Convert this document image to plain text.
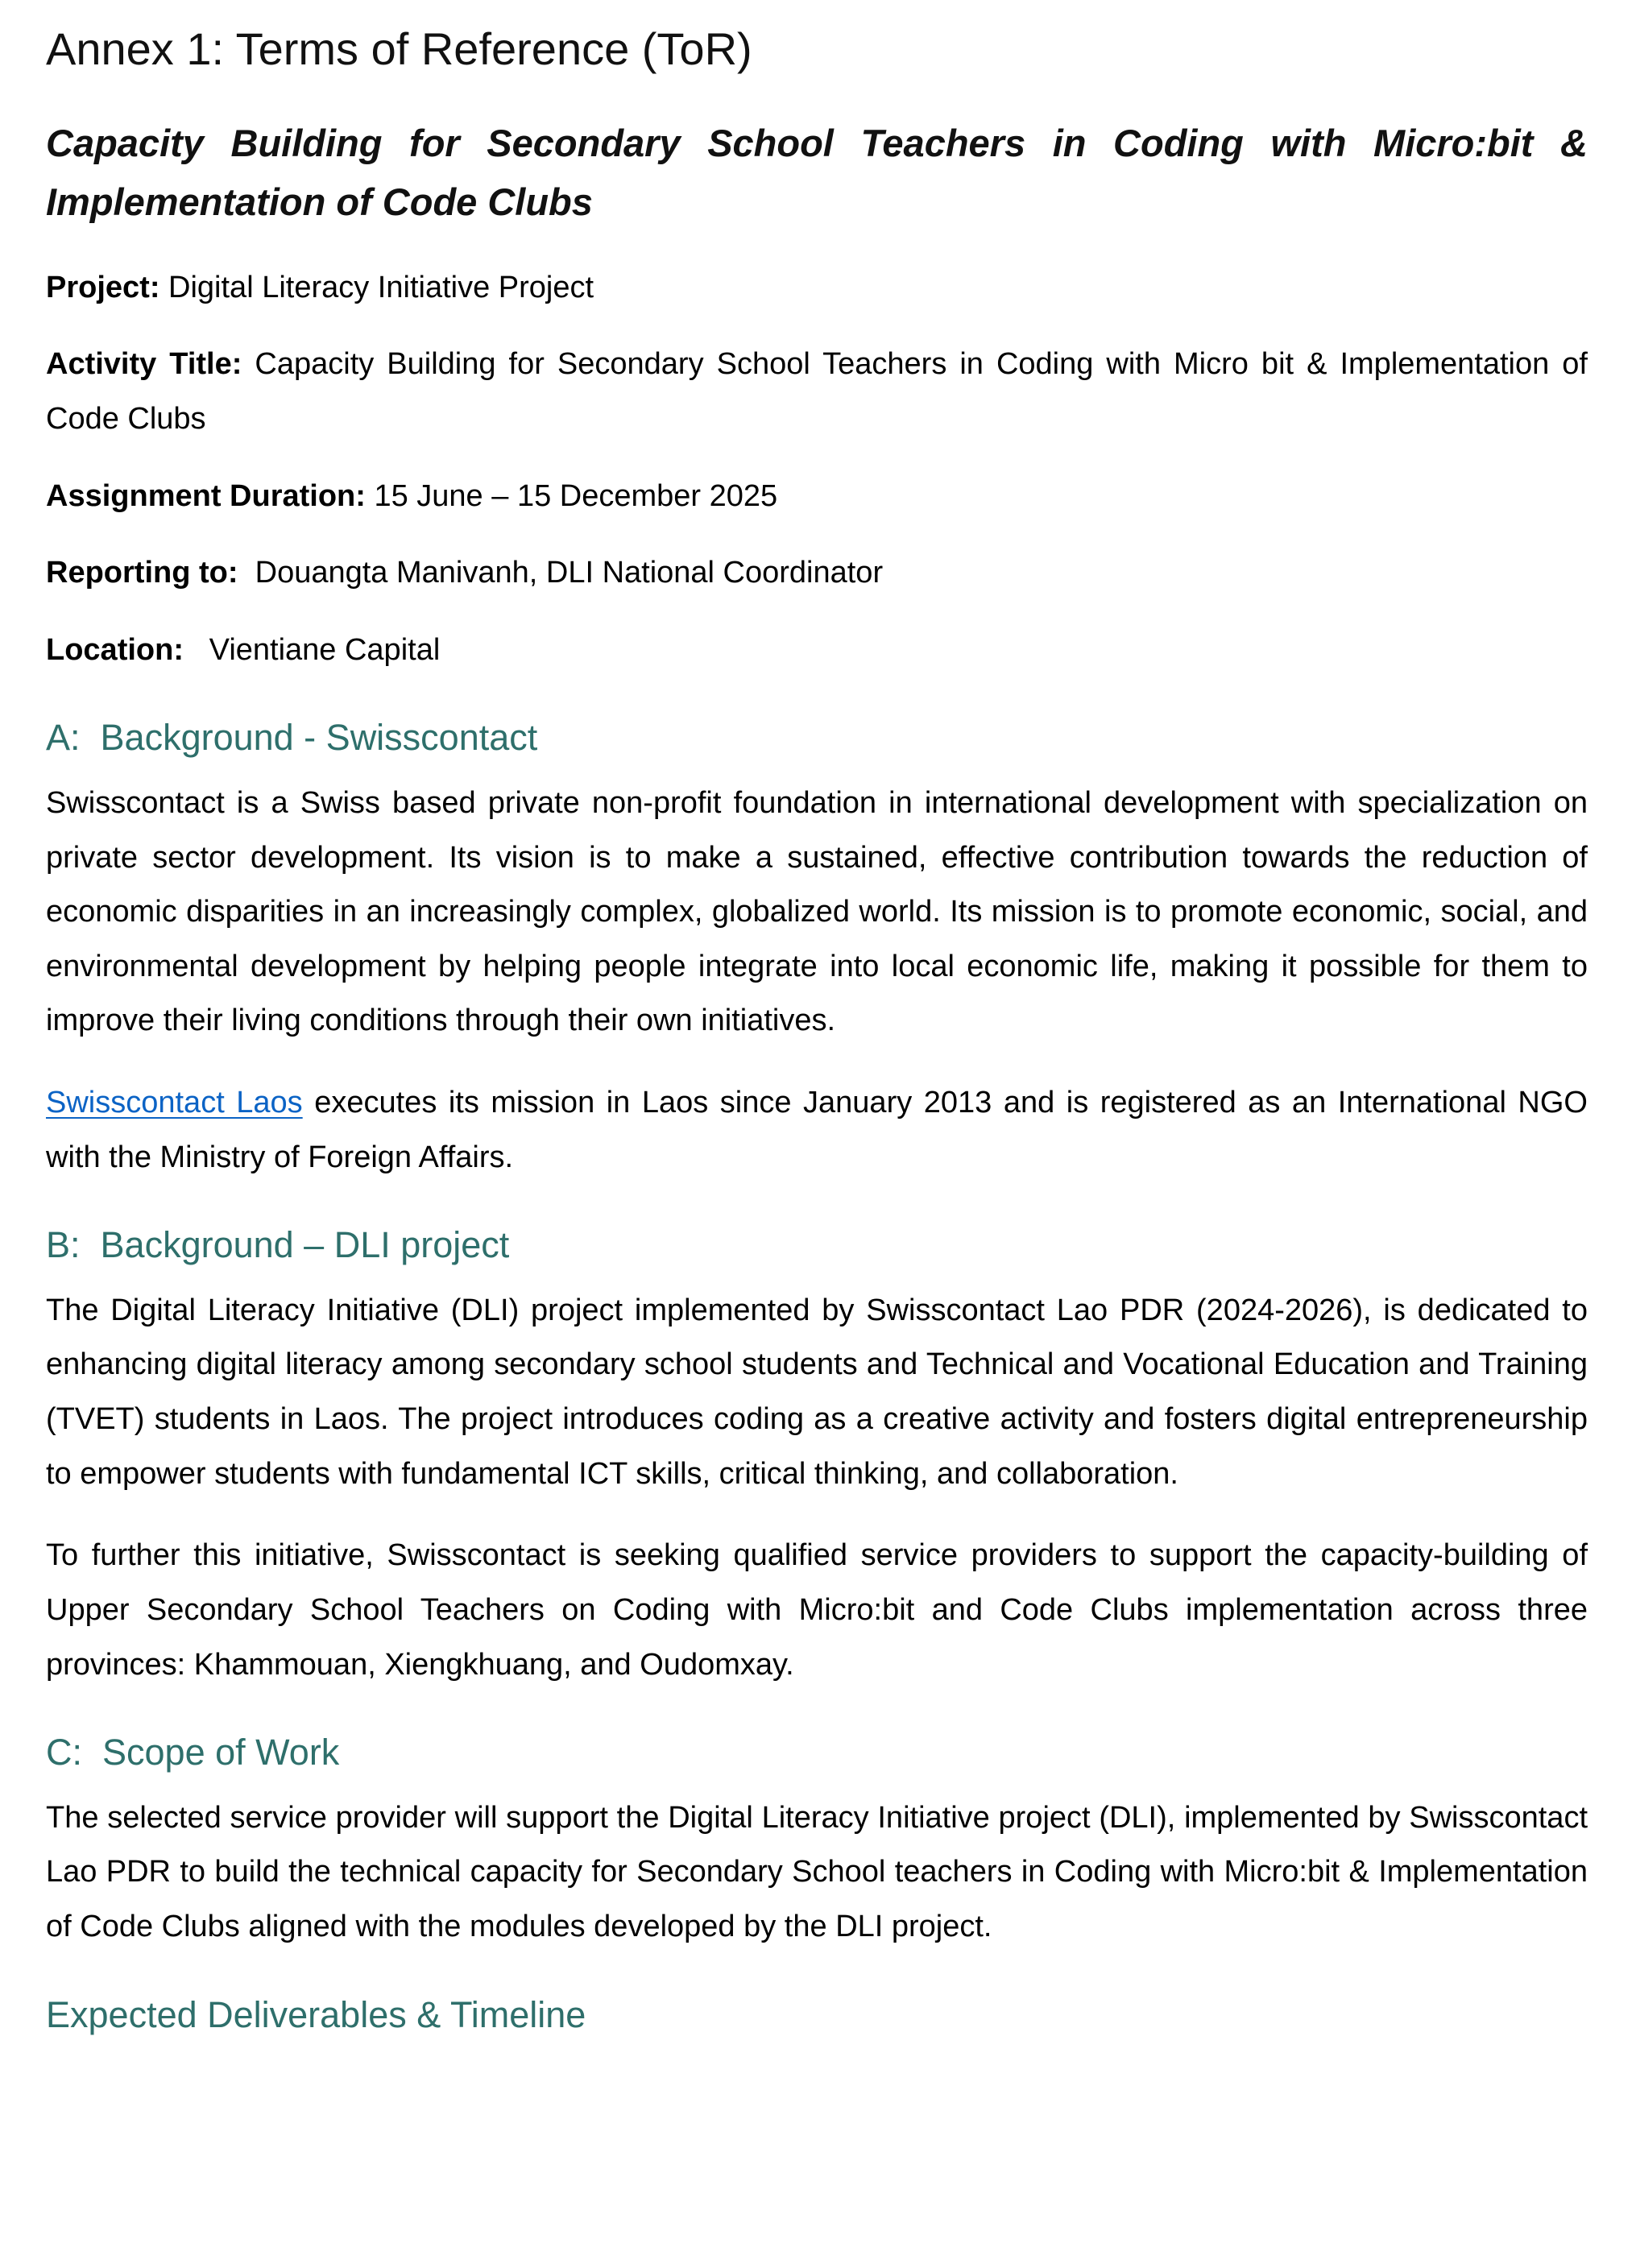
Annex 1: Terms of Reference (ToR)
Capacity Building for Secondary School Teachers in Coding with Micro:bit & Implementation of Code Clubs

Project: Digital Literacy Initiative Project

Activity Title: Capacity Building for Secondary School Teachers in Coding with Micro bit & Implementation of Code Clubs

Assignment Duration: 15 June – 15 December 2025

Reporting to:  Douangta Manivanh, DLI National Coordinator

Location:   Vientiane Capital

A:  Background - Swisscontact

Swisscontact is a Swiss based private non-profit foundation in international development with specialization on private sector development. Its vision is to make a sustained, effective contribution towards the reduction of economic disparities in an increasingly complex, globalized world. Its mission is to promote economic, social, and environmental development by helping people integrate into local economic life, making it possible for them to improve their living conditions through their own initiatives.

Swisscontact Laos executes its mission in Laos since January 2013 and is registered as an International NGO with the Ministry of Foreign Affairs.

B:  Background – DLI project

The Digital Literacy Initiative (DLI) project implemented by Swisscontact Lao PDR (2024-2026), is dedicated to enhancing digital literacy among secondary school students and Technical and Vocational Education and Training (TVET) students in Laos. The project introduces coding as a creative activity and fosters digital entrepreneurship to empower students with fundamental ICT skills, critical thinking, and collaboration.

To further this initiative, Swisscontact is seeking qualified service providers to support the capacity-building of Upper Secondary School Teachers on Coding with Micro:bit and Code Clubs implementation across three provinces: Khammouan, Xiengkhuang, and Oudomxay.

C:  Scope of Work

The selected service provider will support the Digital Literacy Initiative project (DLI), implemented by Swisscontact Lao PDR to build the technical capacity for Secondary School teachers in Coding with Micro:bit & Implementation of Code Clubs aligned with the modules developed by the DLI project.

Expected Deliverables & Timeline
